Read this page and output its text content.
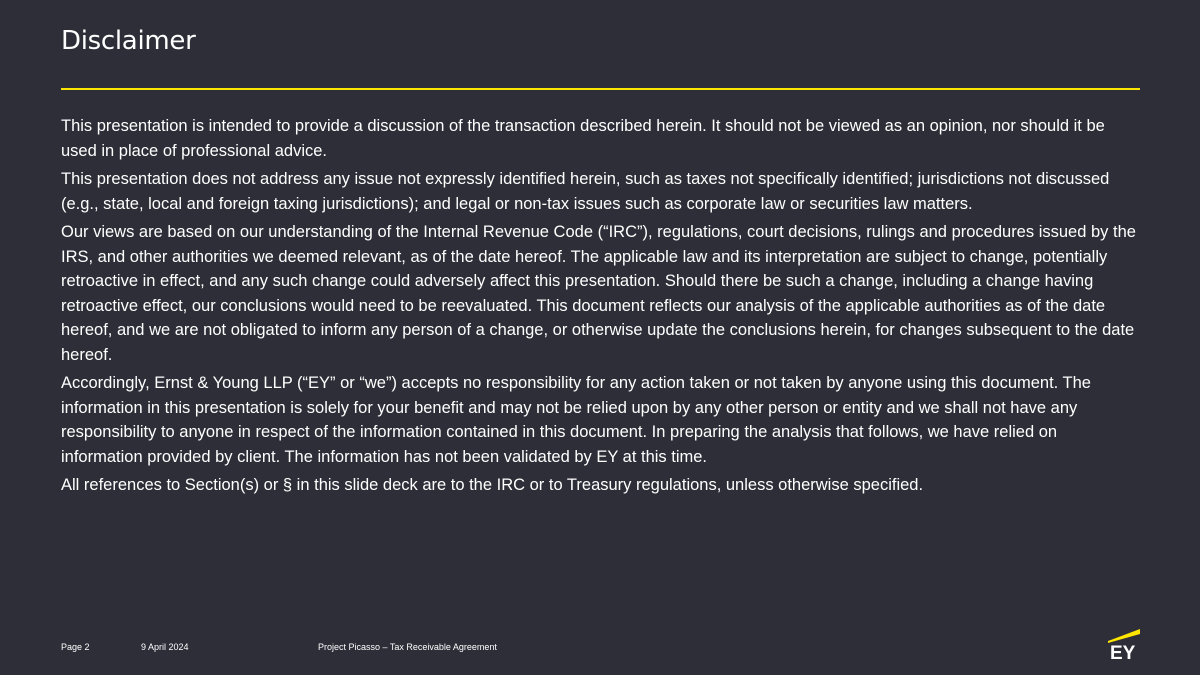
Disclaimer

This presentation is intended to provide a discussion of the transaction described herein. It should not be viewed as an opinion, nor should it be used in place of professional advice.

This presentation does not address any issue not expressly identified herein, such as taxes not specifically identified; jurisdictions not discussed (e.g., state, local and foreign taxing jurisdictions); and legal or non-tax issues such as corporate law or securities law matters.

Our views are based on our understanding of the Internal Revenue Code (“IRC”), regulations, court decisions, rulings and procedures issued by the IRS, and other authorities we deemed relevant, as of the date hereof. The applicable law and its interpretation are subject to change, potentially retroactive in effect, and any such change could adversely affect this presentation. Should there be such a change, including a change having retroactive effect, our conclusions would need to be reevaluated. This document reflects our analysis of the applicable authorities as of the date hereof, and we are not obligated to inform any person of a change, or otherwise update the conclusions herein, for changes subsequent to the date hereof.

Accordingly, Ernst & Young LLP (“EY” or “we”) accepts no responsibility for any action taken or not taken by anyone using this document. The information in this presentation is solely for your benefit and may not be relied upon by any other person or entity and we shall not have any responsibility to anyone in respect of the information contained in this document. In preparing the analysis that follows, we have relied on information provided by client. The information has not been validated by EY at this time.

All references to Section(s) or § in this slide deck are to the IRC or to Treasury regulations, unless otherwise specified.

Page 2	9 April 2024	Project Picasso – Tax Receivable Agreement	EY
